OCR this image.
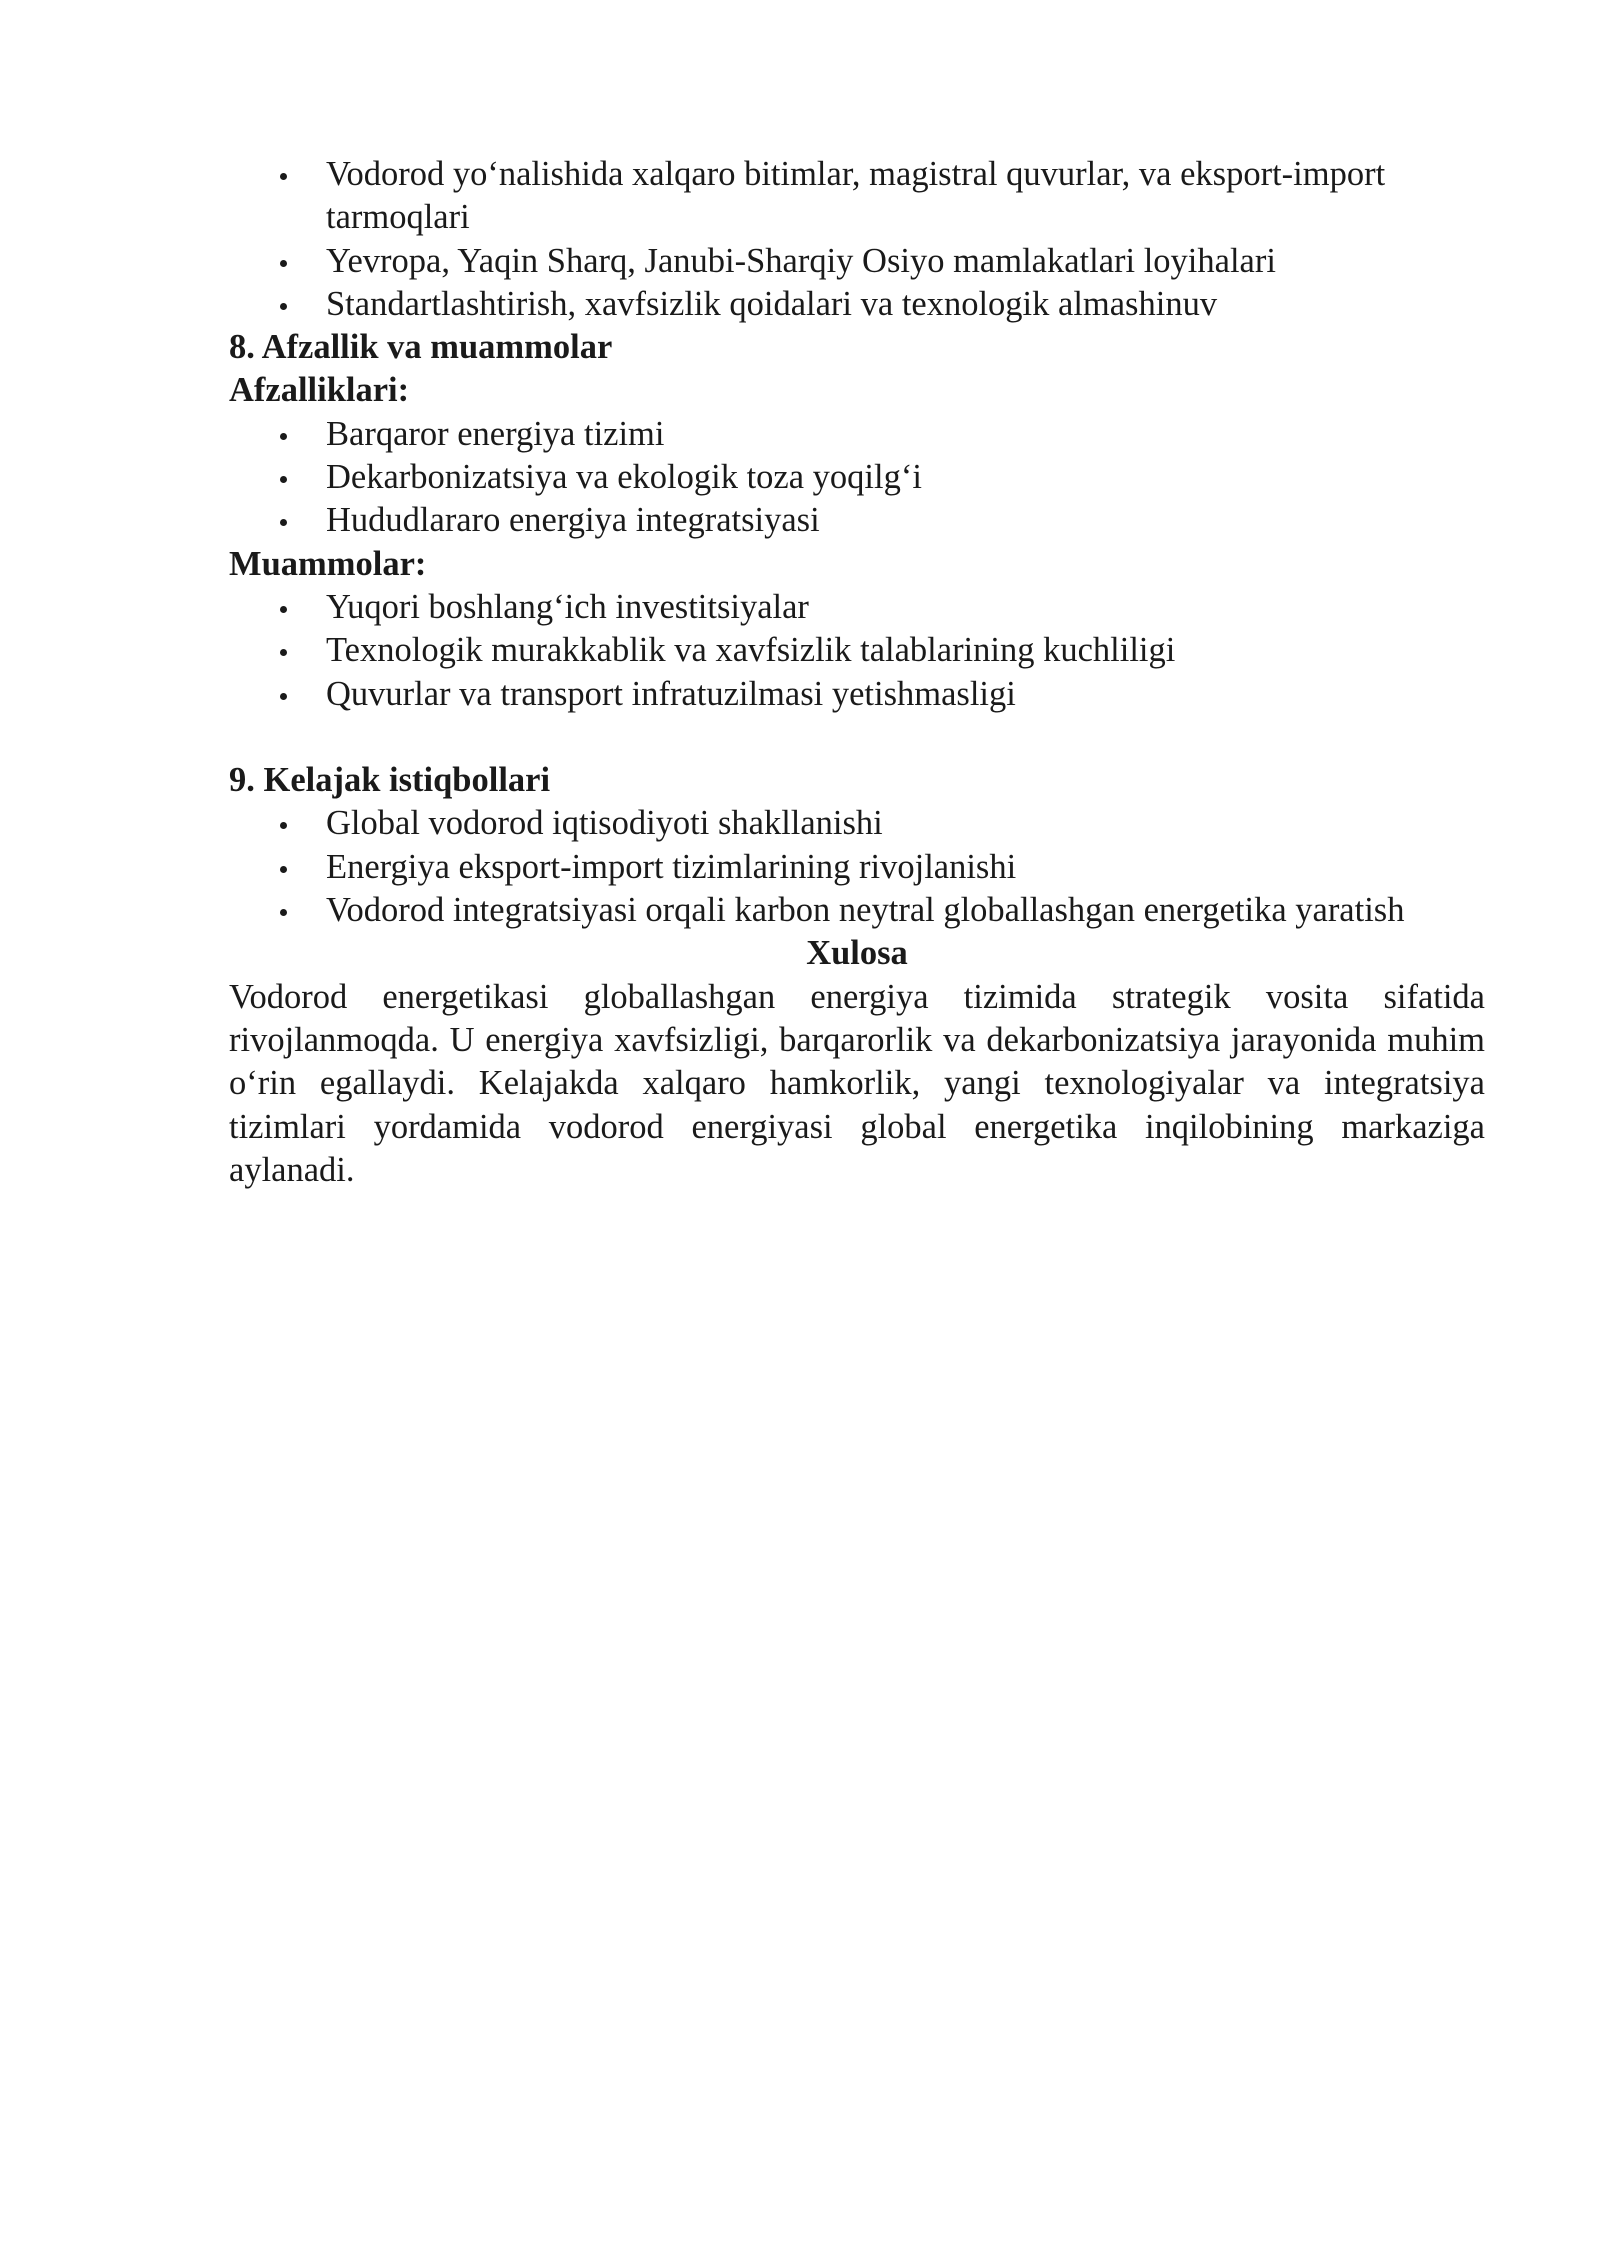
Vodorod yo‘nalishida xalqaro bitimlar, magistral quvurlar, va eksport-import tarmoqlari
Yevropa, Yaqin Sharq, Janubi-Sharqiy Osiyo mamlakatlari loyihalari
Standartlashtirish, xavfsizlik qoidalari va texnologik almashinuv

8. Afzallik va muammolar

Afzalliklari:

Barqaror energiya tizimi
Dekarbonizatsiya va ekologik toza yoqilg‘i
Hududlararo energiya integratsiyasi

Muammolar:

Yuqori boshlang‘ich investitsiyalar
Texnologik murakkablik va xavfsizlik talablarining kuchliligi
Quvurlar va transport infratuzilmasi yetishmasligi

9. Kelajak istiqbollari

Global vodorod iqtisodiyoti shakllanishi
Energiya eksport-import tizimlarining rivojlanishi
Vodorod integratsiyasi orqali karbon neytral globallashgan energetika yaratish

Xulosa

Vodorod energetikasi globallashgan energiya tizimida strategik vosita sifatida rivojlanmoqda. U energiya xavfsizligi, barqarorlik va dekarbonizatsiya jarayonida muhim o‘rin egallaydi. Kelajakda xalqaro hamkorlik, yangi texnologiyalar va integratsiya tizimlari yordamida vodorod energiyasi global energetika inqilobining markaziga aylanadi.
